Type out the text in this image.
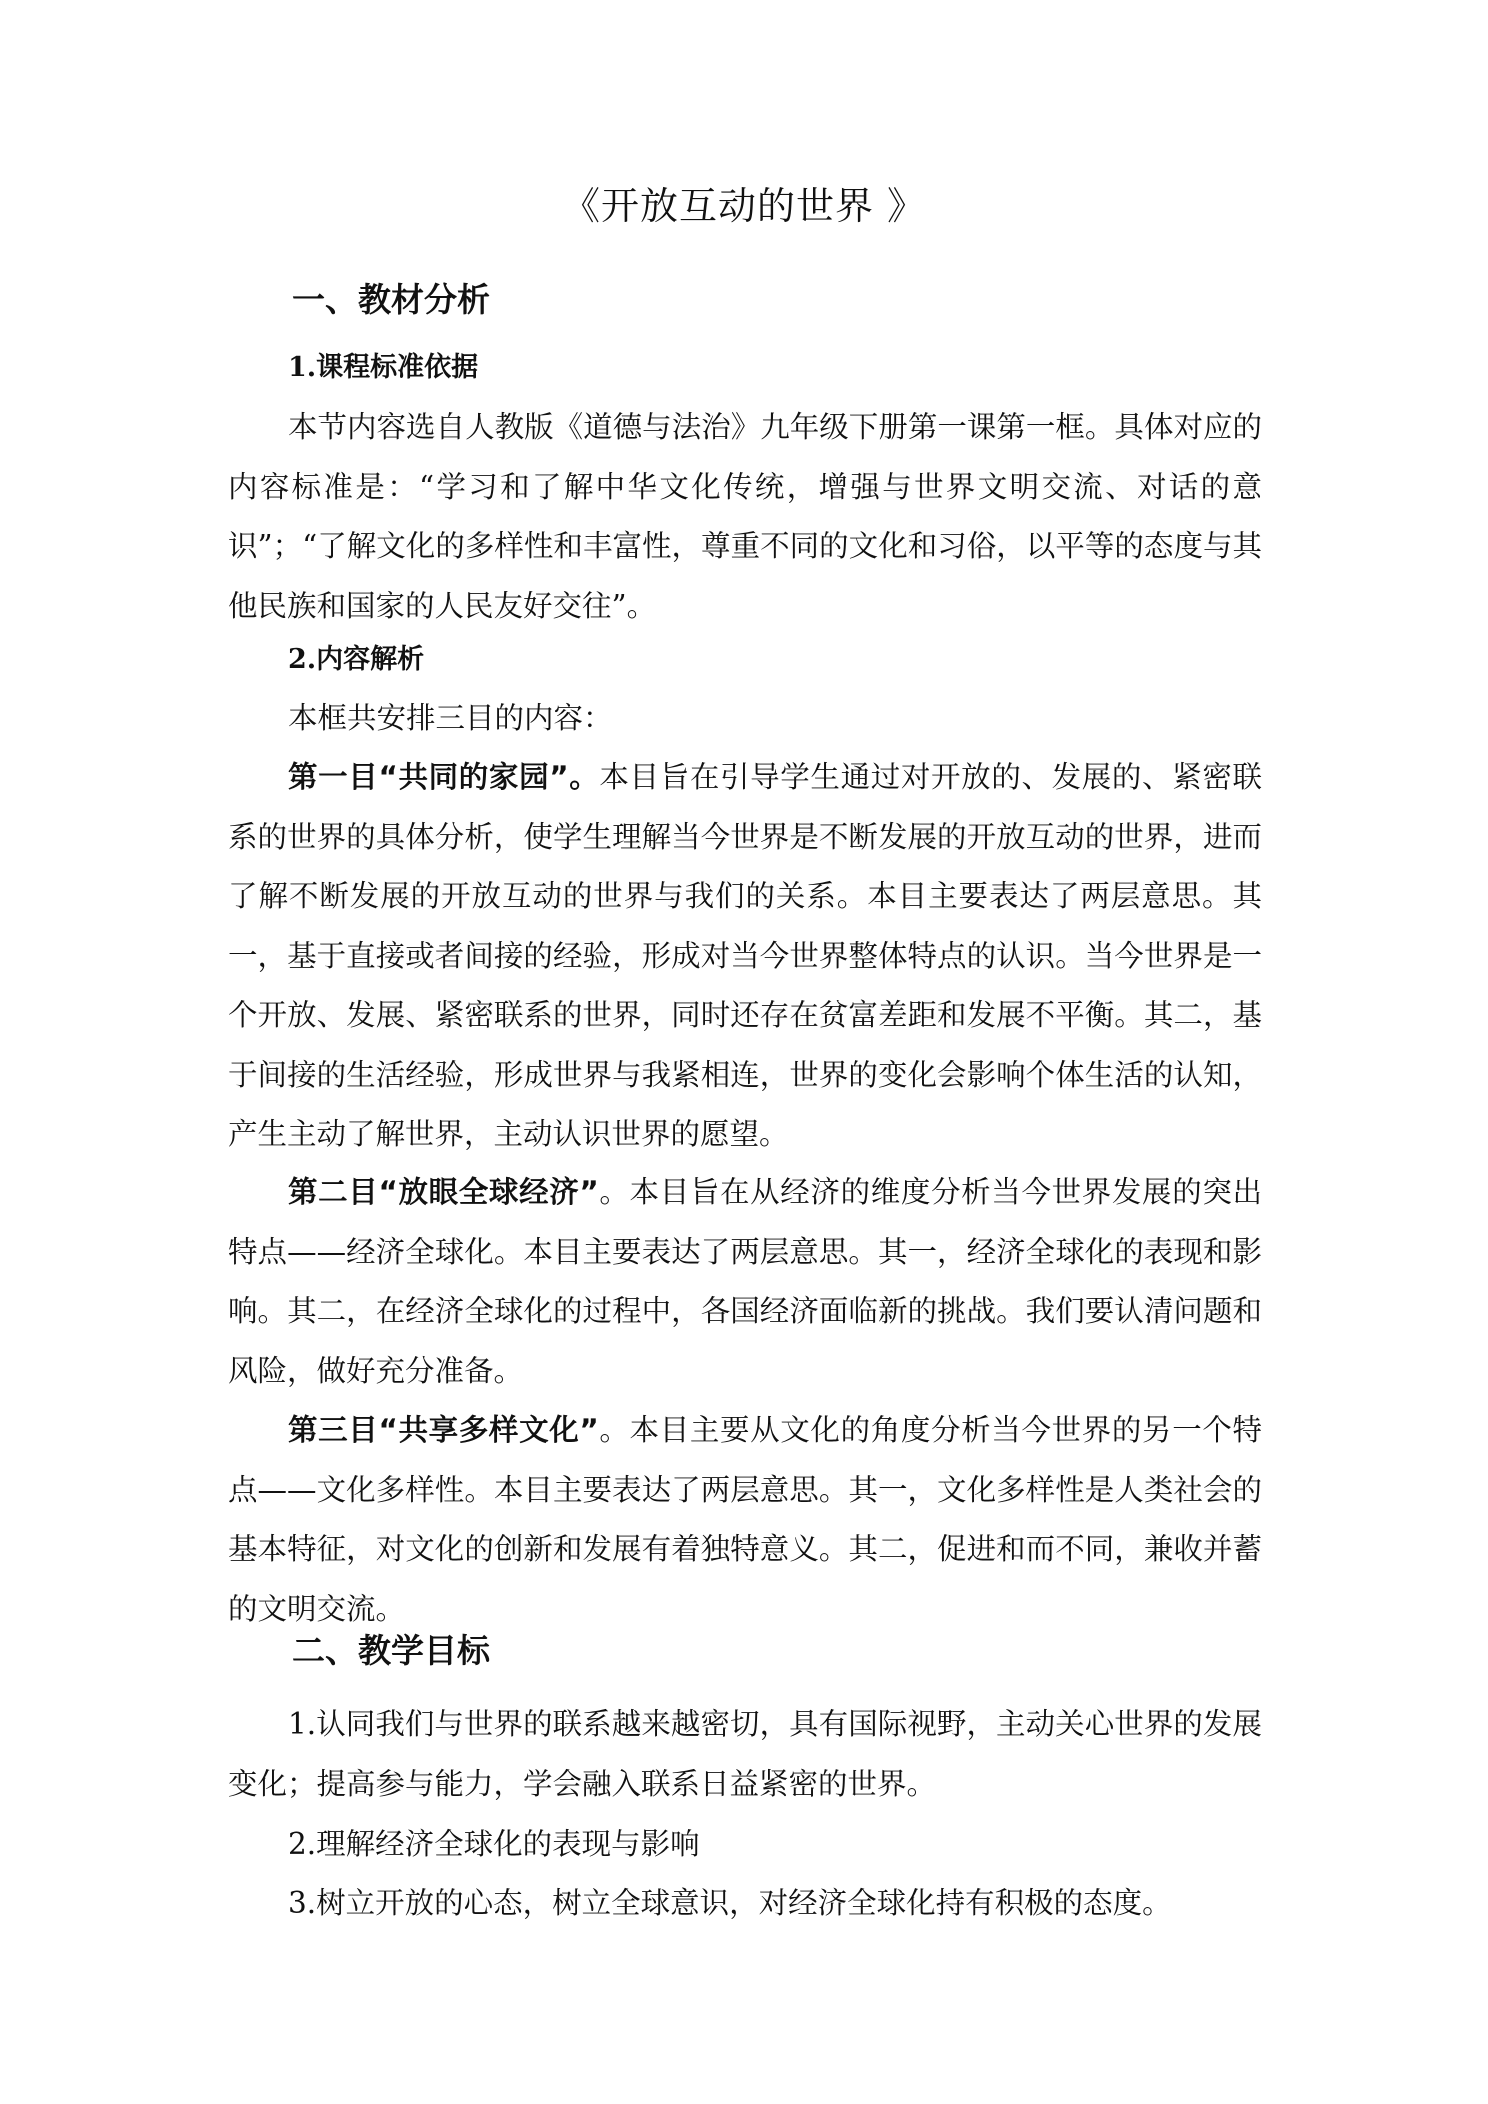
《开放互动的世界 》
一、教材分析
1.课程标准依据

本节内容选自人教版《道德与法治》九年级下册第一课第一框。具体对应的内容标准是：“学习和了解中华文化传统，增强与世界文明交流、对话的意识”；“了解文化的多样性和丰富性，尊重不同的文化和习俗，以平等的态度与其他民族和国家的人民友好交往”。

2.内容解析

本框共安排三目的内容：

第一目“共同的家园”。本目旨在引导学生通过对开放的、发展的、紧密联系的世界的具体分析，使学生理解当今世界是不断发展的开放互动的世界，进而了解不断发展的开放互动的世界与我们的关系。本目主要表达了两层意思。其一，基于直接或者间接的经验，形成对当今世界整体特点的认识。当今世界是一个开放、发展、紧密联系的世界，同时还存在贫富差距和发展不平衡。其二，基于间接的生活经验，形成世界与我紧相连，世界的变化会影响个体生活的认知，产生主动了解世界，主动认识世界的愿望。

第二目“放眼全球经济”。本目旨在从经济的维度分析当今世界发展的突出特点——经济全球化。本目主要表达了两层意思。其一，经济全球化的表现和影响。其二，在经济全球化的过程中，各国经济面临新的挑战。我们要认清问题和风险，做好充分准备。

第三目“共享多样文化”。本目主要从文化的角度分析当今世界的另一个特点——文化多样性。本目主要表达了两层意思。其一，文化多样性是人类社会的基本特征，对文化的创新和发展有着独特意义。其二，促进和而不同，兼收并蓄的文明交流。

二、教学目标

1.认同我们与世界的联系越来越密切，具有国际视野，主动关心世界的发展变化；提高参与能力，学会融入联系日益紧密的世界。

2.理解经济全球化的表现与影响

3.树立开放的心态，树立全球意识，对经济全球化持有积极的态度。
